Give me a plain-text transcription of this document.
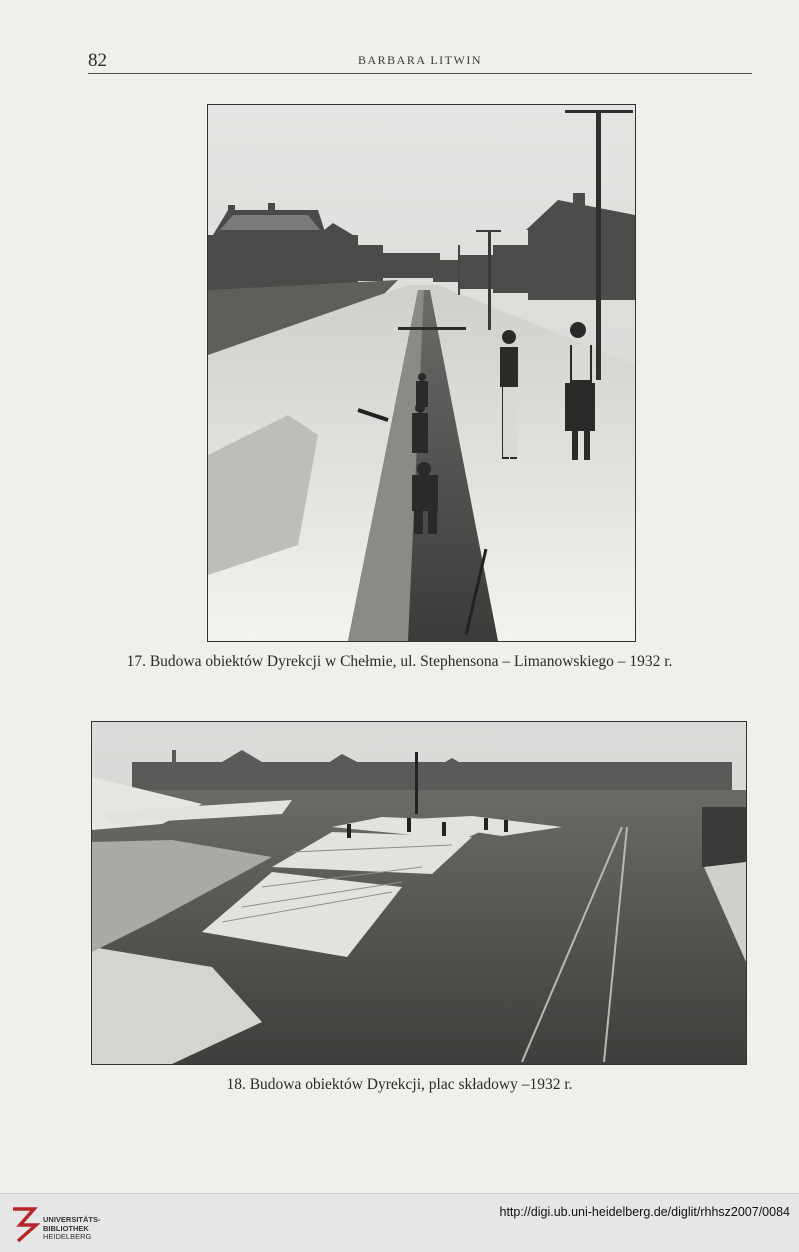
82	BARBARA LITWIN
17. Budowa obiektów Dyrekcji w Chełmie, ul. Stephensona – Limanowskiego – 1932 r.
18. Budowa obiektów Dyrekcji, plac składowy –1932 r.
UNIVERSITÄTS-
BIBLIOTHEK
HEIDELBERG
http://digi.ub.uni-heidelberg.de/diglit/rhhsz2007/0084
